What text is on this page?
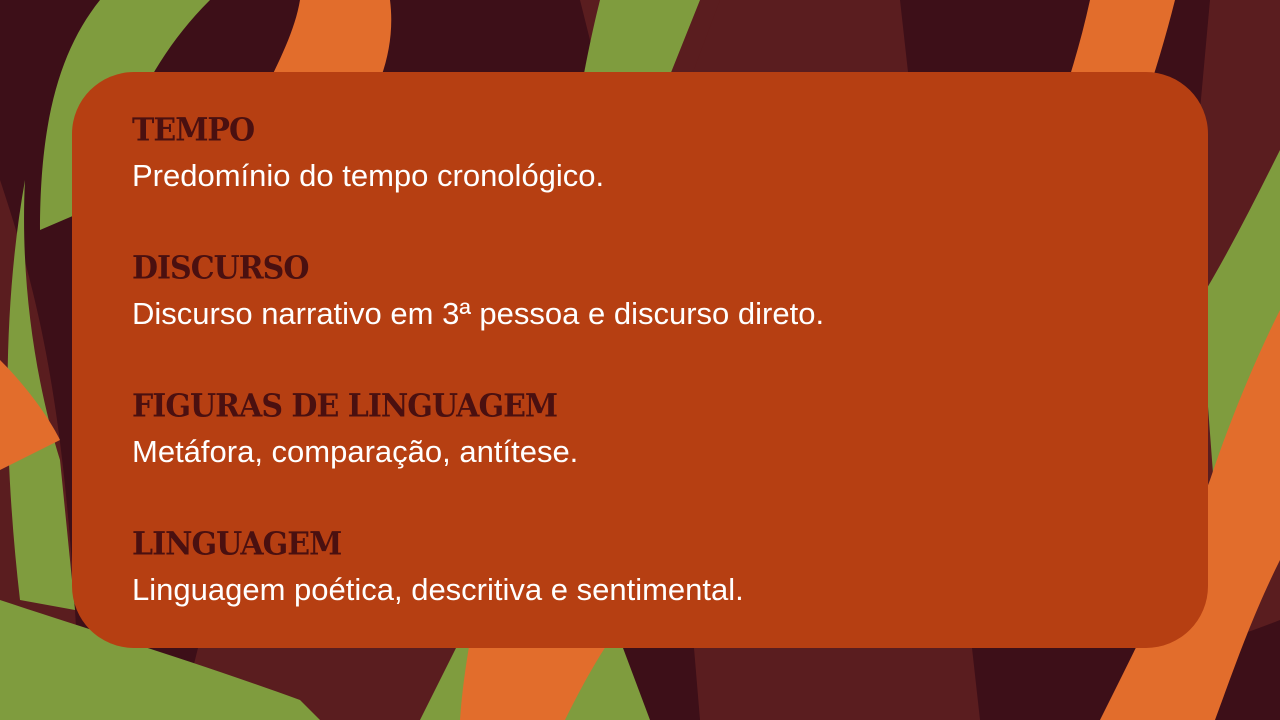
TEMPO
Predomínio do tempo cronológico.
DISCURSO
Discurso narrativo em 3ª pessoa e discurso direto.
FIGURAS DE LINGUAGEM
Metáfora, comparação, antítese.
LINGUAGEM
Linguagem poética, descritiva e sentimental.
